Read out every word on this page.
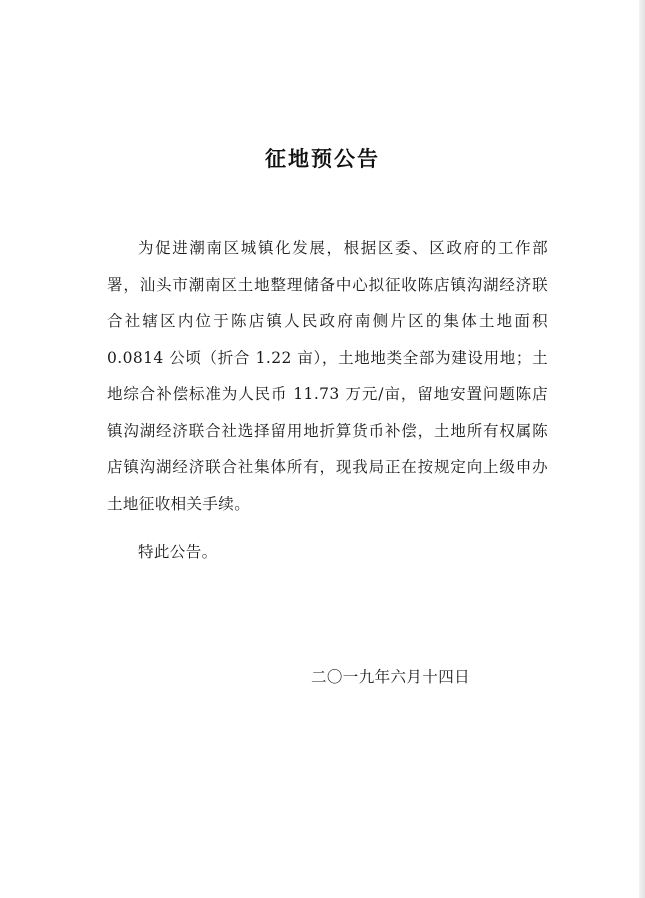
征地预公告
为促进潮南区城镇化发展，根据区委、区政府的工作部署，汕头市潮南区土地整理储备中心拟征收陈店镇沟湖经济联合社辖区内位于陈店镇人民政府南侧片区的集体土地面积 0.0814 公顷（折合 1.22 亩），土地地类全部为建设用地；土地综合补偿标准为人民币 11.73 万元/亩，留地安置问题陈店镇沟湖经济联合社选择留用地折算货币补偿，土地所有权属陈店镇沟湖经济联合社集体所有，现我局正在按规定向上级申办土地征收相关手续。
特此公告。
二〇一九年六月十四日
